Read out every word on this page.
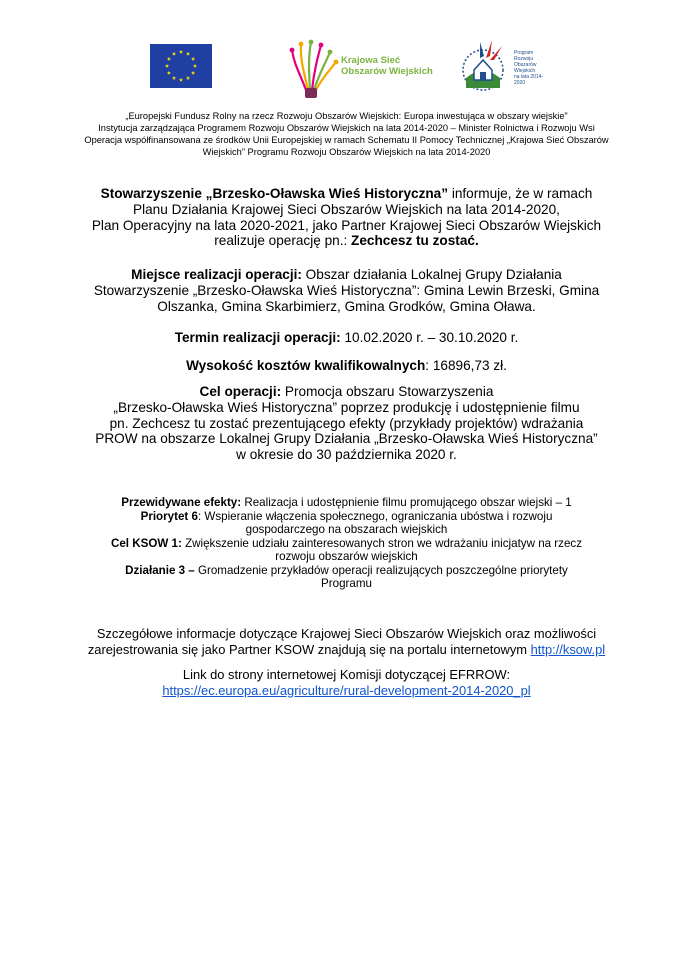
Krajowa Sieć
Obszarów Wiejskich
Program
Rozwoju
Obszarów
Wiejskich
na lata 2014-2020
„Europejski Fundusz Rolny na rzecz Rozwoju Obszarów Wiejskich: Europa inwestująca w obszary wiejskie”
Instytucja zarządzająca Programem Rozwoju Obszarów Wiejskich na lata 2014-2020 – Minister Rolnictwa i Rozwoju Wsi
Operacja współfinansowana ze środków Unii Europejskiej w ramach Schematu II Pomocy Technicznej „Krajowa Sieć Obszarów
Wiejskich” Programu Rozwoju Obszarów Wiejskich na lata 2014-2020
Stowarzyszenie „Brzesko-Oławska Wieś Historyczna” informuje, że w ramach
Planu Działania Krajowej Sieci Obszarów Wiejskich na lata 2014-2020,
Plan Operacyjny na lata 2020-2021, jako Partner Krajowej Sieci Obszarów Wiejskich
realizuje operację pn.: Zechcesz tu zostać.
Miejsce realizacji operacji: Obszar działania Lokalnej Grupy Działania
Stowarzyszenie „Brzesko-Oławska Wieś Historyczna”: Gmina Lewin Brzeski, Gmina
Olszanka, Gmina Skarbimierz, Gmina Grodków, Gmina Oława.
Termin realizacji operacji: 10.02.2020 r. – 30.10.2020 r.
Wysokość kosztów kwalifikowalnych: 16896,73 zł.
Cel operacji: Promocja obszaru Stowarzyszenia
„Brzesko-Oławska Wieś Historyczna” poprzez produkcję i udostępnienie filmu
pn. Zechcesz tu zostać prezentującego efekty (przykłady projektów) wdrażania
PROW na obszarze Lokalnej Grupy Działania „Brzesko-Oławska Wieś Historyczna”
w okresie do 30 października 2020 r.
Przewidywane efekty: Realizacja i udostępnienie filmu promującego obszar wiejski – 1
Priorytet 6: Wspieranie włączenia społecznego, ograniczania ubóstwa i rozwoju
gospodarczego na obszarach wiejskich
Cel KSOW 1: Zwiększenie udziału zainteresowanych stron we wdrażaniu inicjatyw na rzecz
rozwoju obszarów wiejskich
Działanie 3 – Gromadzenie przykładów operacji realizujących poszczególne priorytety
Programu
Szczegółowe informacje dotyczące Krajowej Sieci Obszarów Wiejskich oraz możliwości
zarejestrowania się jako Partner KSOW znajdują się na portalu internetowym http://ksow.pl
Link do strony internetowej Komisji dotyczącej EFRROW:
https://ec.europa.eu/agriculture/rural-development-2014-2020_pl
